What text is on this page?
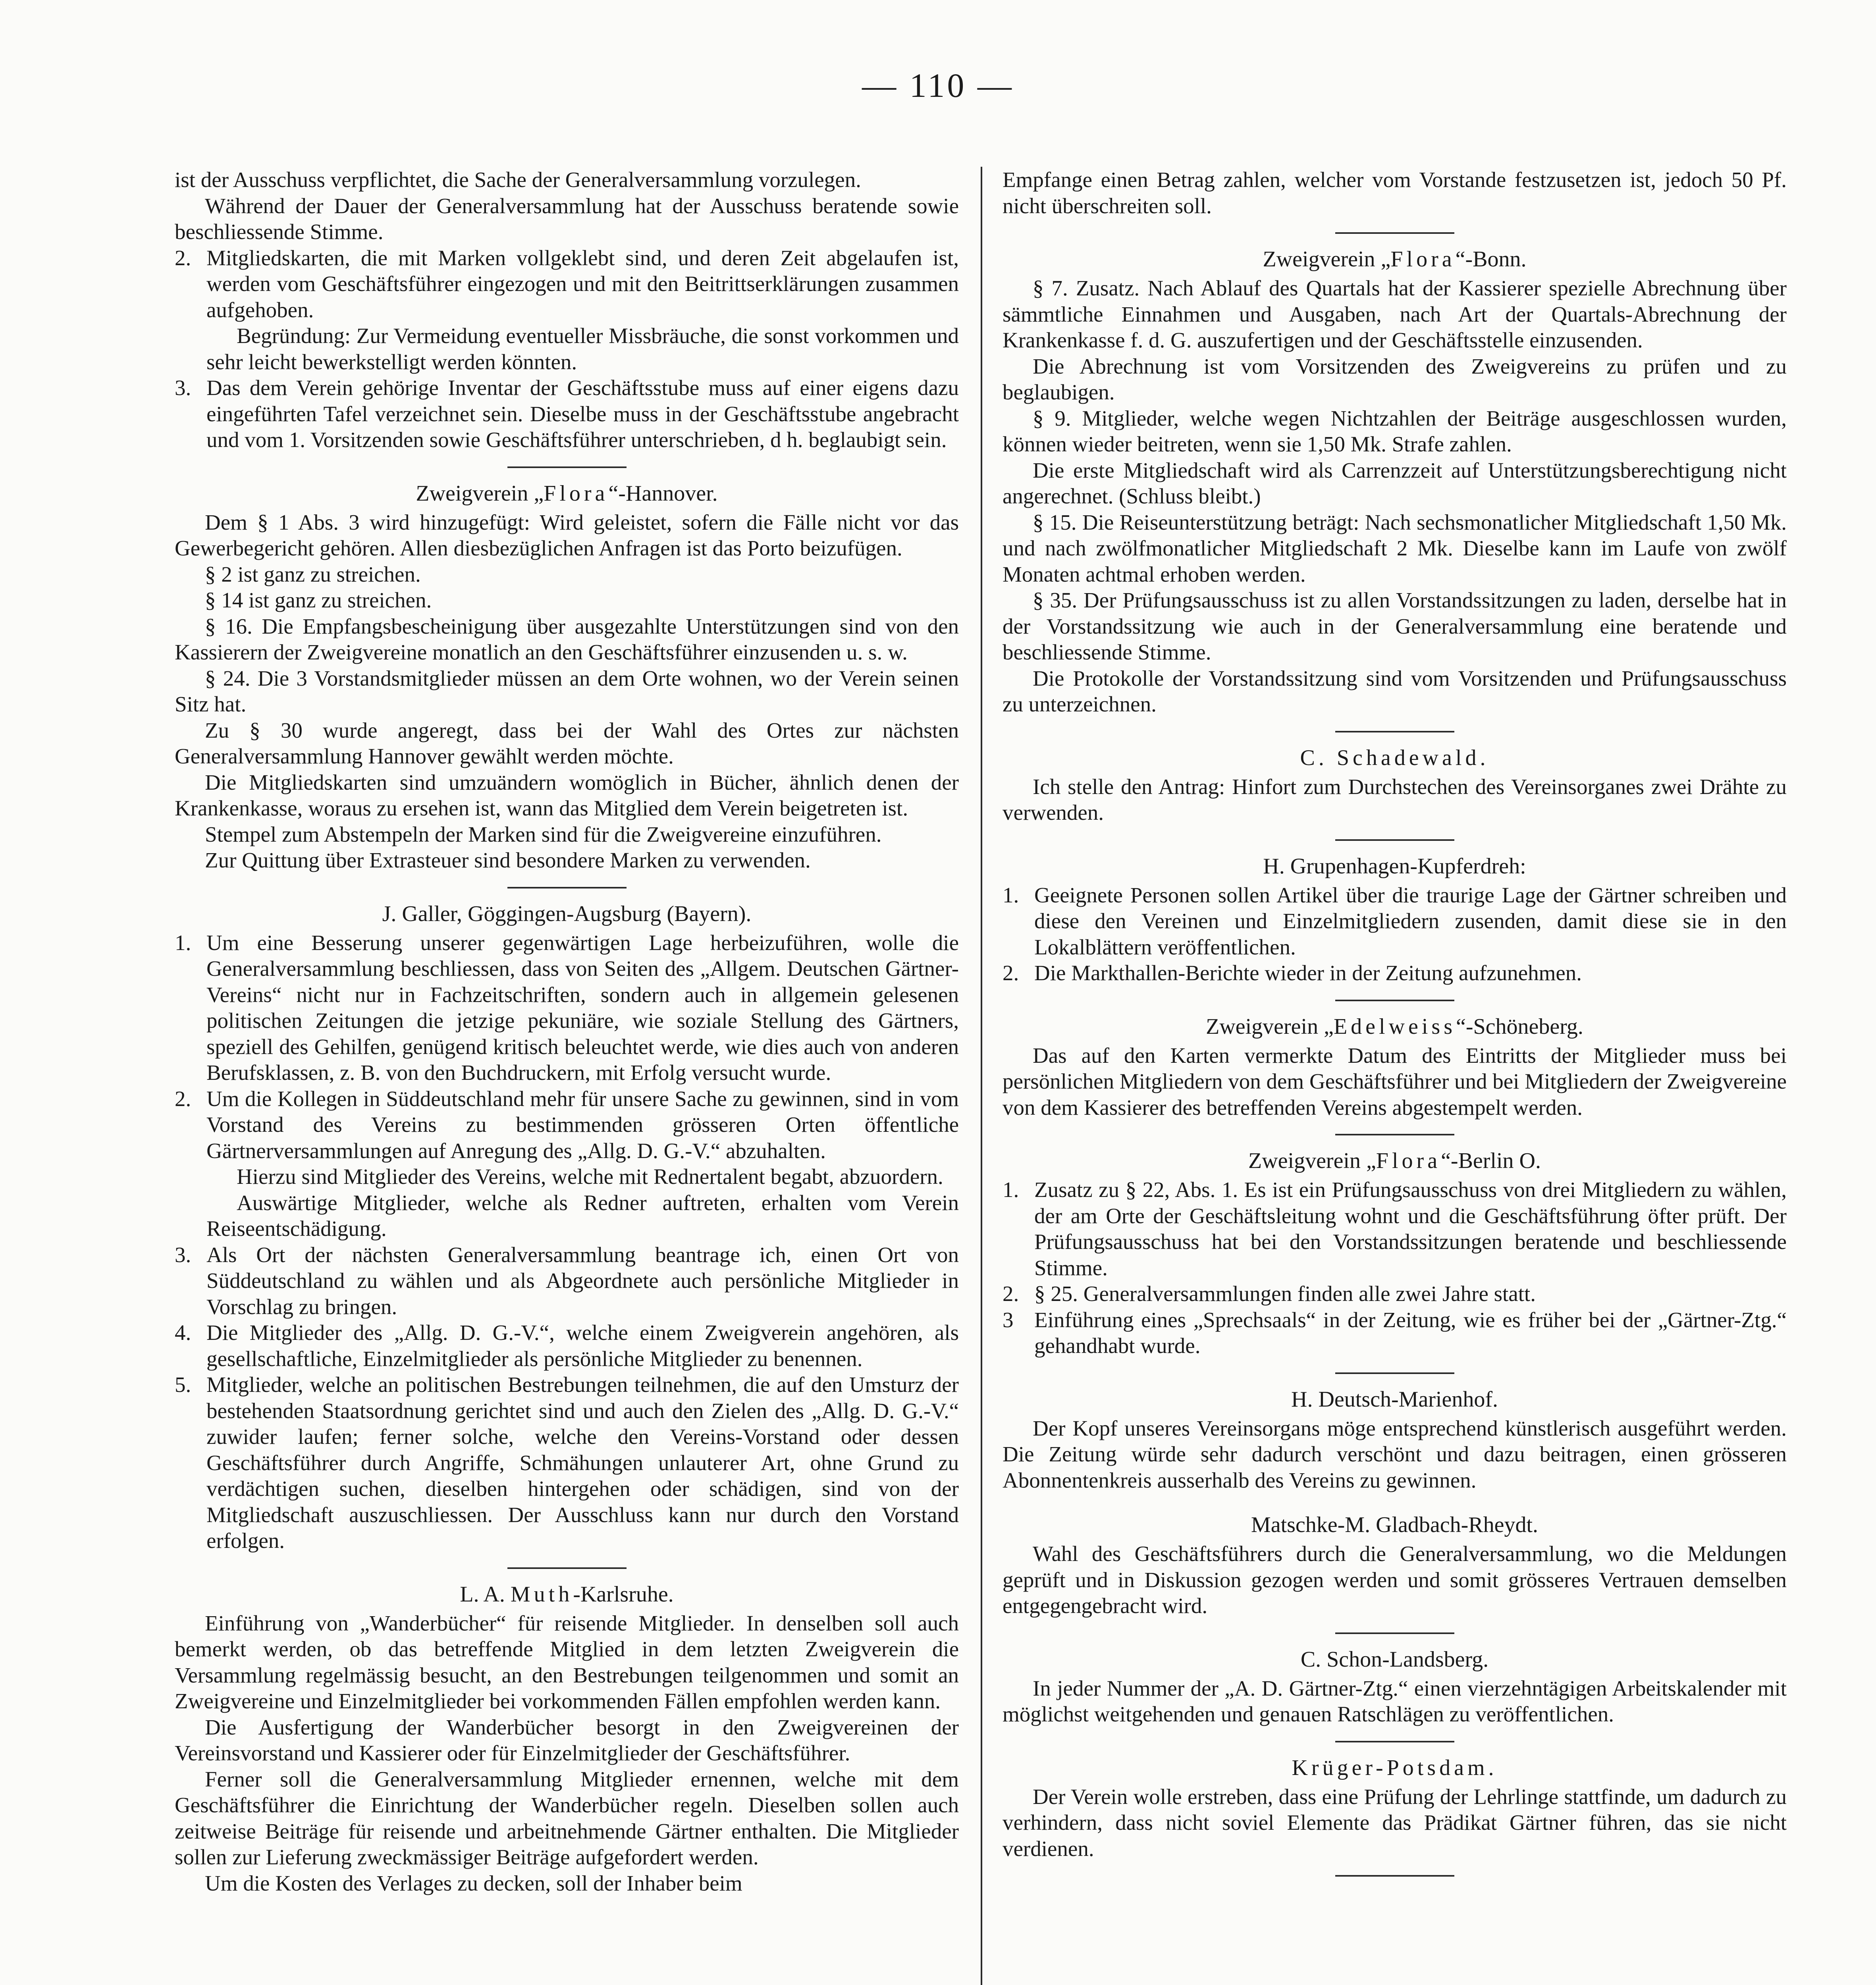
— 110 —

ist der Ausschuss verpflichtet, die Sache der Generalversammlung vorzulegen.

Während der Dauer der Generalversammlung hat der Ausschuss beratende sowie beschliessende Stimme.

2. Mitgliedskarten, die mit Marken vollgeklebt sind, und deren Zeit abgelaufen ist, werden vom Geschäftsführer eingezogen und mit den Beitrittserklärungen zusammen aufgehoben.

Begründung: Zur Vermeidung eventueller Missbräuche, die sonst vorkommen und sehr leicht bewerkstelligt werden könnten.

3. Das dem Verein gehörige Inventar der Geschäftsstube muss auf einer eigens dazu eingeführten Tafel verzeichnet sein. Dieselbe muss in der Geschäftsstube angebracht und vom 1. Vorsitzenden sowie Geschäftsführer unterschrieben, d h. beglaubigt sein.
Zweigverein „Flora“-Hannover.

Dem § 1 Abs. 3 wird hinzugefügt: Wird geleistet, sofern die Fälle nicht vor das Gewerbegericht gehören. Allen diesbezüglichen Anfragen ist das Porto beizufügen.

§ 2 ist ganz zu streichen.

§ 14 ist ganz zu streichen.

§ 16. Die Empfangsbescheinigung über ausgezahlte Unterstützungen sind von den Kassierern der Zweigvereine monatlich an den Geschäftsführer einzusenden u. s. w.

§ 24. Die 3 Vorstandsmitglieder müssen an dem Orte wohnen, wo der Verein seinen Sitz hat.

Zu § 30 wurde angeregt, dass bei der Wahl des Ortes zur nächsten Generalversammlung Hannover gewählt werden möchte.

Die Mitgliedskarten sind umzuändern womöglich in Bücher, ähnlich denen der Krankenkasse, woraus zu ersehen ist, wann das Mitglied dem Verein beigetreten ist.

Stempel zum Abstempeln der Marken sind für die Zweigvereine einzuführen.

Zur Quittung über Extrasteuer sind besondere Marken zu verwenden.

J. Galler, Göggingen-Augsburg (Bayern).
1. Um eine Besserung unserer gegenwärtigen Lage herbeizuführen, wolle die Generalversammlung beschliessen, dass von Seiten des „Allgem. Deutschen Gärtner-Vereins“ nicht nur in Fachzeitschriften, sondern auch in allgemein gelesenen politischen Zeitungen die jetzige pekuniäre, wie soziale Stellung des Gärtners, speziell des Gehilfen, genügend kritisch beleuchtet werde, wie dies auch von anderen Berufsklassen, z. B. von den Buchdruckern, mit Erfolg versucht wurde.
2. Um die Kollegen in Süddeutschland mehr für unsere Sache zu gewinnen, sind in vom Vorstand des Vereins zu bestimmenden grösseren Orten öffentliche Gärtnerversammlungen auf Anregung des „Allg. D. G.-V.“ abzuhalten.

Hierzu sind Mitglieder des Vereins, welche mit Rednertalent begabt, abzuordern.

Auswärtige Mitglieder, welche als Redner auftreten, erhalten vom Verein Reiseentschädigung.

3. Als Ort der nächsten Generalversammlung beantrage ich, einen Ort von Süddeutschland zu wählen und als Abgeordnete auch persönliche Mitglieder in Vorschlag zu bringen.
4. Die Mitglieder des „Allg. D. G.-V.“, welche einem Zweigverein angehören, als gesellschaftliche, Einzelmitglieder als persönliche Mitglieder zu benennen.
5. Mitglieder, welche an politischen Bestrebungen teilnehmen, die auf den Umsturz der bestehenden Staatsordnung gerichtet sind und auch den Zielen des „Allg. D. G.-V.“ zuwider laufen; ferner solche, welche den Vereins-Vorstand oder dessen Geschäftsführer durch Angriffe, Schmähungen unlauterer Art, ohne Grund zu verdächtigen suchen, dieselben hintergehen oder schädigen, sind von der Mitgliedschaft auszuschliessen. Der Ausschluss kann nur durch den Vorstand erfolgen.
L. A. Muth-Karlsruhe.

Einführung von „Wanderbücher“ für reisende Mitglieder. In denselben soll auch bemerkt werden, ob das betreffende Mitglied in dem letzten Zweigverein die Versammlung regelmässig besucht, an den Bestrebungen teilgenommen und somit an Zweigvereine und Einzelmitglieder bei vorkommenden Fällen empfohlen werden kann.

Die Ausfertigung der Wanderbücher besorgt in den Zweigvereinen der Vereinsvorstand und Kassierer oder für Einzelmitglieder der Geschäftsführer.

Ferner soll die Generalversammlung Mitglieder ernennen, welche mit dem Geschäftsführer die Einrichtung der Wanderbücher regeln. Dieselben sollen auch zeitweise Beiträge für reisende und arbeitnehmende Gärtner enthalten. Die Mitglieder sollen zur Lieferung zweckmässiger Beiträge aufgefordert werden.

Um die Kosten des Verlages zu decken, soll der Inhaber beim

Empfange einen Betrag zahlen, welcher vom Vorstande festzusetzen ist, jedoch 50 Pf. nicht überschreiten soll.

Zweigverein „Flora“-Bonn.

§ 7. Zusatz. Nach Ablauf des Quartals hat der Kassierer spezielle Abrechnung über sämmtliche Einnahmen und Ausgaben, nach Art der Quartals-Abrechnung der Krankenkasse f. d. G. auszufertigen und der Geschäftsstelle einzusenden.

Die Abrechnung ist vom Vorsitzenden des Zweigvereins zu prüfen und zu beglaubigen.

§ 9. Mitglieder, welche wegen Nichtzahlen der Beiträge ausgeschlossen wurden, können wieder beitreten, wenn sie 1,50 Mk. Strafe zahlen.

Die erste Mitgliedschaft wird als Carrenzzeit auf Unterstützungsberechtigung nicht angerechnet. (Schluss bleibt.)

§ 15. Die Reiseunterstützung beträgt: Nach sechsmonatlicher Mitgliedschaft 1,50 Mk. und nach zwölfmonatlicher Mitgliedschaft 2 Mk. Dieselbe kann im Laufe von zwölf Monaten achtmal erhoben werden.

§ 35. Der Prüfungsausschuss ist zu allen Vorstandssitzungen zu laden, derselbe hat in der Vorstandssitzung wie auch in der Generalversammlung eine beratende und beschliessende Stimme.

Die Protokolle der Vorstandssitzung sind vom Vorsitzenden und Prüfungsausschuss zu unterzeichnen.

C. Schadewald.

Ich stelle den Antrag: Hinfort zum Durchstechen des Vereinsorganes zwei Drähte zu verwenden.

H. Grupenhagen-Kupferdreh:
1. Geeignete Personen sollen Artikel über die traurige Lage der Gärtner schreiben und diese den Vereinen und Einzelmitgliedern zusenden, damit diese sie in den Lokalblättern veröffentlichen.
2. Die Markthallen-Berichte wieder in der Zeitung aufzunehmen.
Zweigverein „Edelweiss“-Schöneberg.

Das auf den Karten vermerkte Datum des Eintritts der Mitglieder muss bei persönlichen Mitgliedern von dem Geschäftsführer und bei Mitgliedern der Zweigvereine von dem Kassierer des betreffenden Vereins abgestempelt werden.

Zweigverein „Flora“-Berlin O.
1. Zusatz zu § 22, Abs. 1. Es ist ein Prüfungsausschuss von drei Mitgliedern zu wählen, der am Orte der Geschäftsleitung wohnt und die Geschäftsführung öfter prüft. Der Prüfungsausschuss hat bei den Vorstandssitzungen beratende und beschliessende Stimme.
2. § 25. Generalversammlungen finden alle zwei Jahre statt.
3 Einführung eines „Sprechsaals“ in der Zeitung, wie es früher bei der „Gärtner-Ztg.“ gehandhabt wurde.
H. Deutsch-Marienhof.

Der Kopf unseres Vereinsorgans möge entsprechend künstlerisch ausgeführt werden. Die Zeitung würde sehr dadurch verschönt und dazu beitragen, einen grösseren Abonnentenkreis ausserhalb des Vereins zu gewinnen.

Matschke-M. Gladbach-Rheydt.

Wahl des Geschäftsführers durch die Generalversammlung, wo die Meldungen geprüft und in Diskussion gezogen werden und somit grösseres Vertrauen demselben entgegengebracht wird.

C. Schon-Landsberg.

In jeder Nummer der „A. D. Gärtner-Ztg.“ einen vierzehntägigen Arbeitskalender mit möglichst weitgehenden und genauen Ratschlägen zu veröffentlichen.

Krüger-Potsdam.

Der Verein wolle erstreben, dass eine Prüfung der Lehrlinge stattfinde, um dadurch zu verhindern, dass nicht soviel Elemente das Prädikat Gärtner führen, das sie nicht verdienen.
